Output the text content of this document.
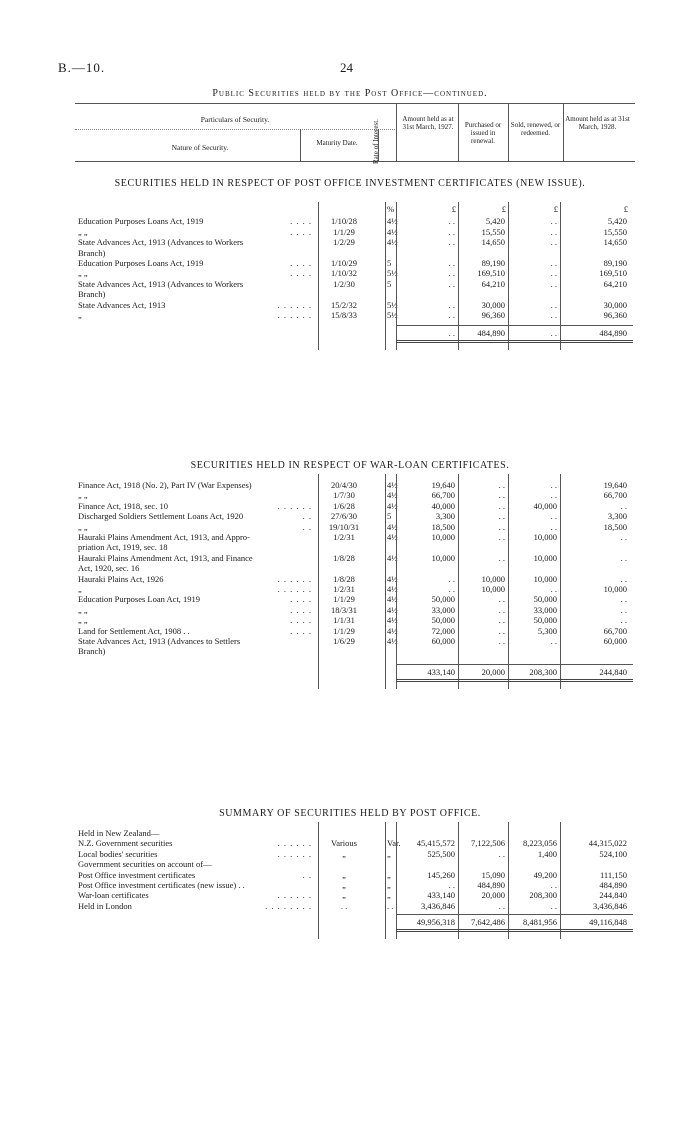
B.—10.	24
Public Securities held by the Post Office—continued.
Particulars of Security.
Nature of Security.	Maturity Date.	Rate of Interest.
Amount held as at 31st March, 1927.	Purchased or issued in renewal.
Sold, renewed, or redeemed.
Amount held as at 31st March, 1928.
SECURITIES HELD IN RESPECT OF POST OFFICE INVESTMENT CERTIFICATES (NEW ISSUE).
%	£	£	£	£
Education Purposes Loans Act, 1919	. . . .	1/10/28	4½	. .	5,420	. .	5,420
„ „	. . . .	1/1/29	4½	. .	15,550	. .	15,550
State Advances Act, 1913 (Advances to Workers	1/2/29	4½	. .	14,650	. .	14,650
Branch)
Education Purposes Loans Act, 1919	. . . .	1/10/29	5	. .	89,190	. .	89,190
„ „	. . . .	1/10/32	5½	. .	169,510	. .	169,510
State Advances Act, 1913 (Advances to Workers	1/2/30	5	. .	64,210	. .	64,210
Branch)
State Advances Act, 1913	. . . . . .	15/2/32	5½	. .	30,000	. .	30,000
„	. . . . . .	15/8/33	5½	. .	96,360	. .	96,360
. .	484,890	. .	484,890
SECURITIES HELD IN RESPECT OF WAR-LOAN CERTIFICATES.
Finance Act, 1918 (No. 2), Part IV (War Expenses)	20/4/30	4½	19,640	. .	. .	19,640
„ „	1/7/30	4½	66,700	. .	. .	66,700
Finance Act, 1918, sec. 10	. . . . . .	1/6/28	4½	40,000	. .	40,000	. .
Discharged Soldiers Settlement Loans Act, 1920	. .	27/6/30	5	3,300	. .	. .	3,300
„ „	. .	19/10/31	4½	18,500	. .	. .	18,500
Hauraki Plains Amendment Act, 1913, and Appro-	1/2/31	4½	10,000	. .	10,000	. .
priation Act, 1919, sec. 18
Hauraki Plains Amendment Act, 1913, and Finance	1/8/28	4½	10,000	. .	10,000	. .
Act, 1920, sec. 16
Hauraki Plains Act, 1926	. . . . . .	1/8/28	4½	. .	10,000	10,000	. .
„	. . . . . .	1/2/31	4½	. .	10,000	. .	10,000
Education Purposes Loan Act, 1919	. . . .	1/1/29	4½	50,000	. .	50,000	. .
„ „	. . . .	18/3/31	4½	33,000	. .	33,000	. .
„ „	. . . .	1/1/31	4½	50,000	. .	50,000	. .
Land for Settlement Act, 1908 . .	. . . .	1/1/29	4½	72,000	. .	5,300	66,700
State Advances Act, 1913 (Advances to Settlers	1/6/29	4½	60,000	. .	. .	60,000
Branch)
433,140	20,000	208,300	244,840
SUMMARY OF SECURITIES HELD BY POST OFFICE.
Held in New Zealand—
N.Z. Government securities	. . . . . .	Various	Var. 45,415,572 7,122,506 8,223,056	44,315,022
Local bodies' securities	. . . . . .	„	„	525,500	. .	1,400	524,100
Government securities on account of—
Post Office investment certificates	. .	„	„	145,260	15,090	49,200	111,150
Post Office investment certificates (new issue) . .	„	„	. .	484,890	. .	484,890
War-loan certificates	. . . . . .	„	„	433,140	20,000	208,300	244,840
Held in London	. . . . . . . .	. .	. .	3,436,846	. .	. .	3,436,846
49,956,318 7,642,486 8,481,956	49,116,848
